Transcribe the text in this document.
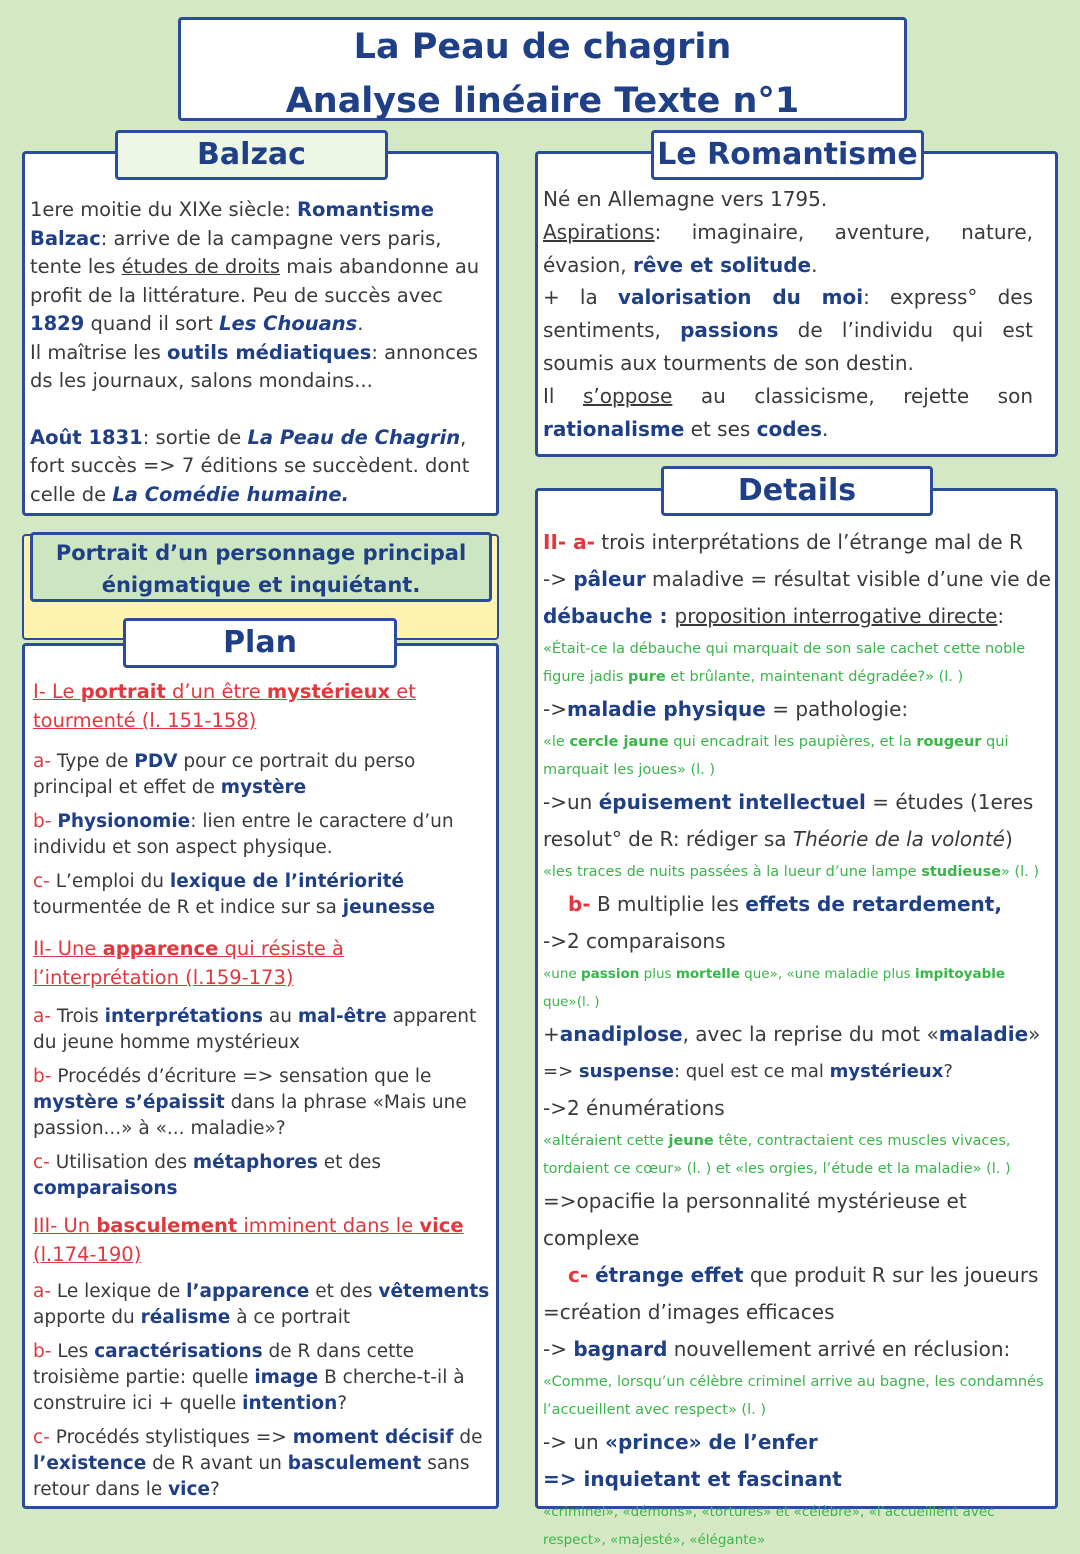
La Peau de chagrin
Analyse linéaire Texte n°1
Balzac
1ere moitie du XIXe siècle: Romantisme
Balzac: arrive de la campagne vers paris, tente les études de droits mais abandonne au profit de la littérature. Peu de succès avec 1829 quand il sort Les Chouans.
Il maîtrise les outils médiatiques: annonces ds les journaux, salons mondains...
Août 1831: sortie de La Peau de Chagrin, fort succès => 7 éditions se succèdent. dont celle de La Comédie humaine.
Le Romantisme
Né en Allemagne vers 1795.
Aspirations: imaginaire, aventure, nature, évasion, rêve et solitude.
+ la valorisation du moi: express° des sentiments, passions de l’individu qui est soumis aux tourments de son destin.
Il s’oppose au classicisme, rejette son rationalisme et ses codes.
Portrait d’un personnage principal
énigmatique et inquiétant.
Plan
I- Le portrait d’un être mystérieux et tourmenté (l. 151-158)
a- Type de PDV pour ce portrait du perso principal et effet de mystère
b- Physionomie: lien entre le caractere d’un individu et son aspect physique.
c- L’emploi du lexique de l’intériorité tourmentée de R et indice sur sa jeunesse
II- Une apparence qui résiste à l’interprétation (l.159-173)
a- Trois interprétations au mal-être apparent du jeune homme mystérieux
b- Procédés d’écriture => sensation que le mystère s’épaissit dans la phrase «Mais une passion...» à «... maladie»?
c- Utilisation des métaphores et des comparaisons
III- Un basculement imminent dans le vice (l.174-190)
a- Le lexique de l’apparence et des vêtements apporte du réalisme à ce portrait
b- Les caractérisations de R dans cette troisième partie: quelle image B cherche-t-il à construire ici + quelle intention?
c- Procédés stylistiques => moment décisif de l’existence de R avant un basculement sans retour dans le vice?
Details
II- a- trois interprétations de l’étrange mal de R
-> pâleur maladive = résultat visible d’une vie de
débauche : proposition interrogative directe:
«Était-ce la débauche qui marquait de son sale cachet cette noble figure jadis pure et brûlante, maintenant dégradée?» (l. )
->maladie physique = pathologie:
«le cercle jaune qui encadrait les paupières, et la rougeur qui marquait les joues» (l. )
->un épuisement intellectuel = études (1eres
resolut° de R: rédiger sa Théorie de la volonté)
«les traces de nuits passées à la lueur d’une lampe studieuse» (l. )
b- B multiplie les effets de retardement,
->2 comparaisons
«une passion plus mortelle que», «une maladie plus impitoyable que»(l. )
+anadiplose, avec la reprise du mot «maladie»
=> suspense: quel est ce mal mystérieux?
->2 énumérations
«altéraient cette jeune tête, contractaient ces muscles vivaces, tordaient ce cœur» (l. ) et «les orgies, l’étude et la maladie» (l. )
=>opacifie la personnalité mystérieuse et complexe
c- étrange effet que produit R sur les joueurs
=création d’images efficaces
-> bagnard nouvellement arrivé en réclusion:
«Comme, lorsqu’un célèbre criminel arrive au bagne, les condamnés l’accueillent avec respect» (l. )
-> un «prince» de l’enfer
=> inquietant et fascinant
«criminel», «démons», «tortures» et «célèbre», «l’accueillent avec respect», «majesté», «élégante»
